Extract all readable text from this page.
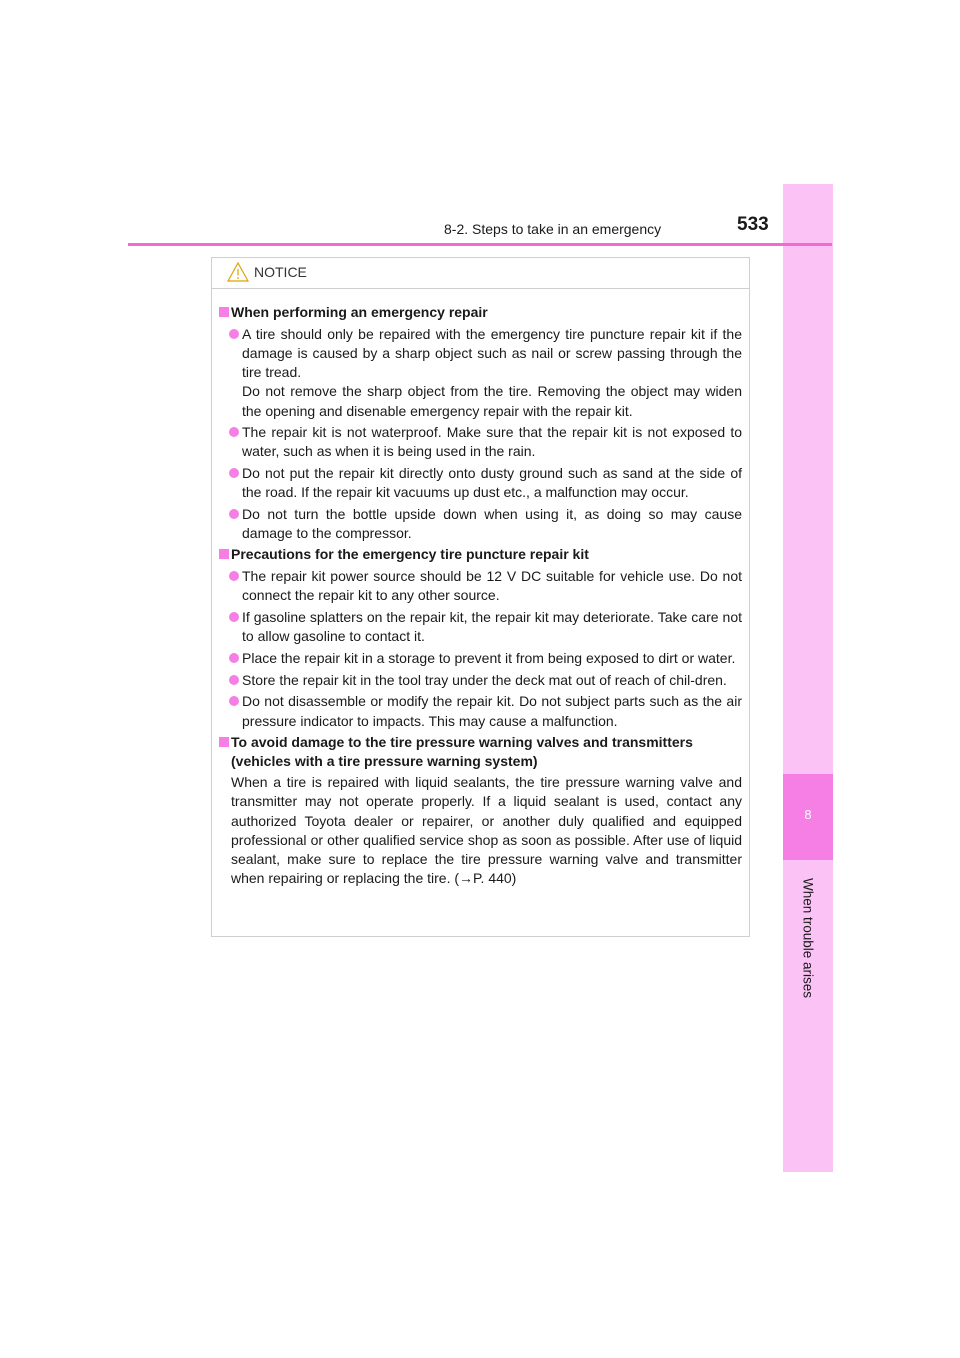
8
When trouble arises
8-2. Steps to take in an emergency	533
NOTICE
When performing an emergency repair
A tire should only be repaired with the emergency tire puncture repair kit if the damage is caused by a sharp object such as nail or screw passing through the tire tread.
Do not remove the sharp object from the tire. Removing the object may widen the opening and disenable emergency repair with the repair kit.
The repair kit is not waterproof. Make sure that the repair kit is not exposed to water, such as when it is being used in the rain.
Do not put the repair kit directly onto dusty ground such as sand at the side of the road. If the repair kit vacuums up dust etc., a malfunction may occur.
Do not turn the bottle upside down when using it, as doing so may cause damage to the compressor.
Precautions for the emergency tire puncture repair kit
The repair kit power source should be 12 V DC suitable for vehicle use. Do not connect the repair kit to any other source.
If gasoline splatters on the repair kit, the repair kit may deteriorate. Take care not to allow gasoline to contact it.
Place the repair kit in a storage to prevent it from being exposed to dirt or water.
Store the repair kit in the tool tray under the deck mat out of reach of chil-dren.
Do not disassemble or modify the repair kit. Do not subject parts such as the air pressure indicator to impacts. This may cause a malfunction.
To avoid damage to the tire pressure warning valves and transmitters (vehicles with a tire pressure warning system)
When a tire is repaired with liquid sealants, the tire pressure warning valve and transmitter may not operate properly. If a liquid sealant is used, contact any authorized Toyota dealer or repairer, or another duly qualified and equipped professional or other qualified service shop as soon as possible. After use of liquid sealant, make sure to replace the tire pressure warning valve and transmitter when repairing or replacing the tire. (→P. 440)
